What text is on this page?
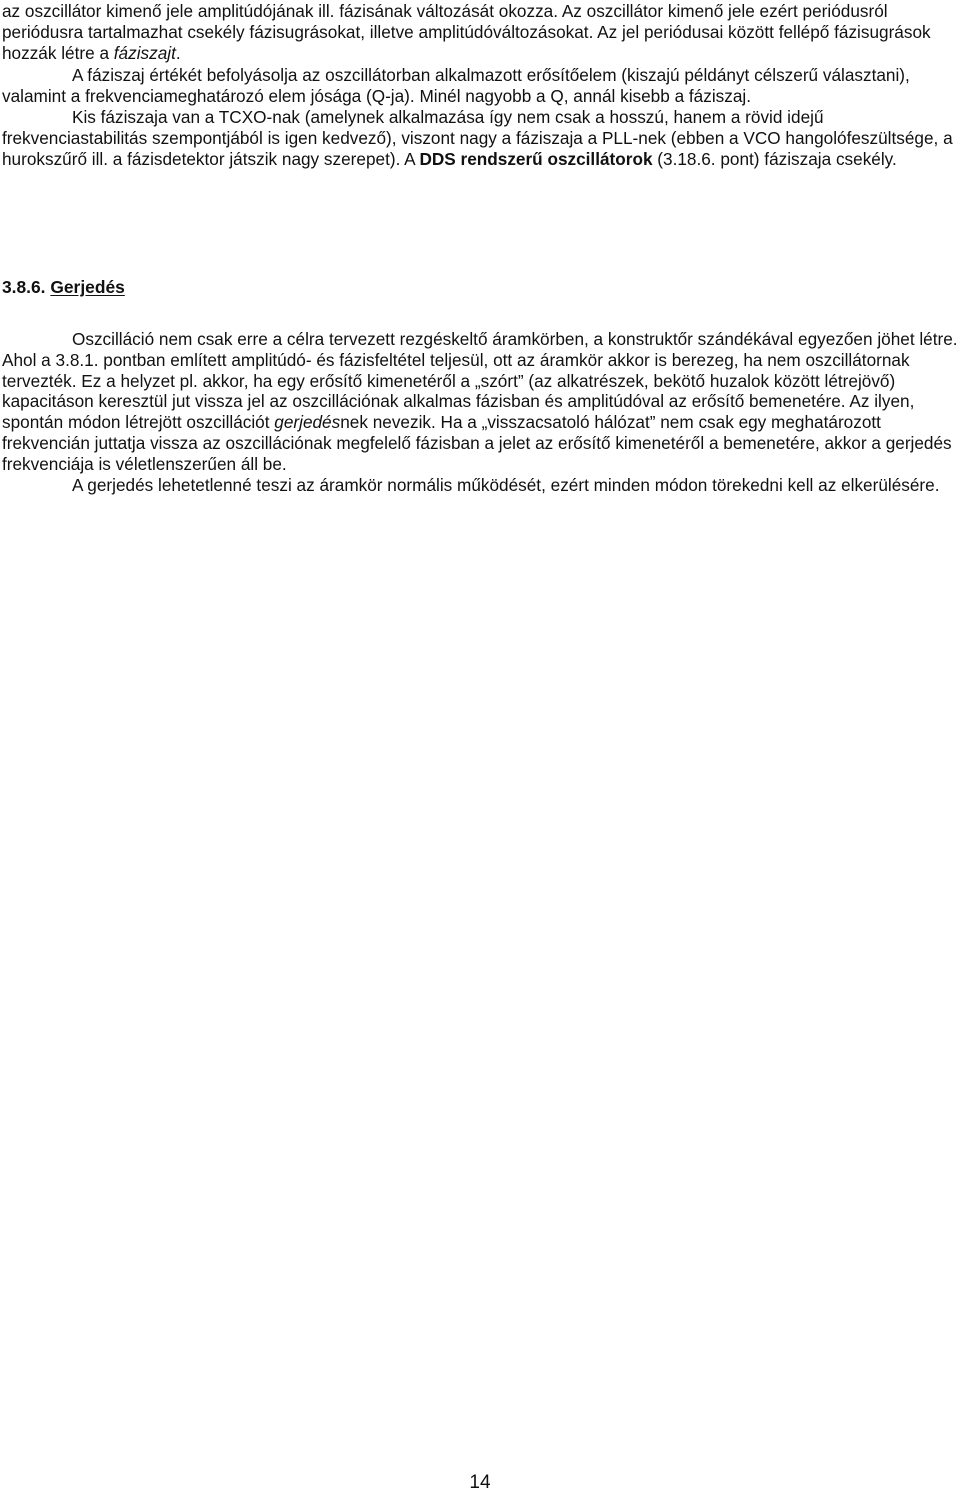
az oszcillátor kimenő jele amplitúdójának ill. fázisának változását okozza. Az oszcillátor kimenő jele ezért periódusról periódusra tartalmazhat csekély fázisugrásokat, illetve amplitúdóváltozásokat. Az jel periódusai között fellépő fázisugrások hozzák létre a fáziszajt.

A fáziszaj értékét befolyásolja az oszcillátorban alkalmazott erősítőelem (kiszajú példányt célszerű választani), valamint a frekvenciameghatározó elem jósága (Q-ja). Minél nagyobb a Q, annál kisebb a fáziszaj.

Kis fáziszaja van a TCXO-nak (amelynek alkalmazása így nem csak a hosszú, hanem a rövid idejű frekvenciastabilitás szempontjából is igen kedvező), viszont nagy a fáziszaja a PLL-nek (ebben a VCO hangolófeszültsége, a hurokszűrő ill. a fázisdetektor játszik nagy szerepet). A DDS rendszerű oszcillátorok (3.18.6. pont) fáziszaja csekély.

3.8.6. Gerjedés

Oszcilláció nem csak erre a célra tervezett rezgéskeltő áramkörben, a konstruktőr szándékával egyezően jöhet létre. Ahol a 3.8.1. pontban említett amplitúdó- és fázisfeltétel teljesül, ott az áramkör akkor is berezeg, ha nem oszcillátornak tervezték. Ez a helyzet pl. akkor, ha egy erősítő kimenetéről a „szórt” (az alkatrészek, bekötő huzalok között létrejövő) kapacitáson keresztül jut vissza jel az oszcillációnak alkalmas fázisban és amplitúdóval az erősítő bemenetére. Az ilyen, spontán módon létrejött oszcillációt gerjedésnek nevezik. Ha a „visszacsatoló hálózat” nem csak egy meghatározott frekvencián juttatja vissza az oszcillációnak megfelelő fázisban a jelet az erősítő kimenetéről a bemenetére, akkor a gerjedés frekvenciája is véletlenszerűen áll be.

A gerjedés lehetetlenné teszi az áramkör normális működését, ezért minden módon törekedni kell az elkerülésére.

14
